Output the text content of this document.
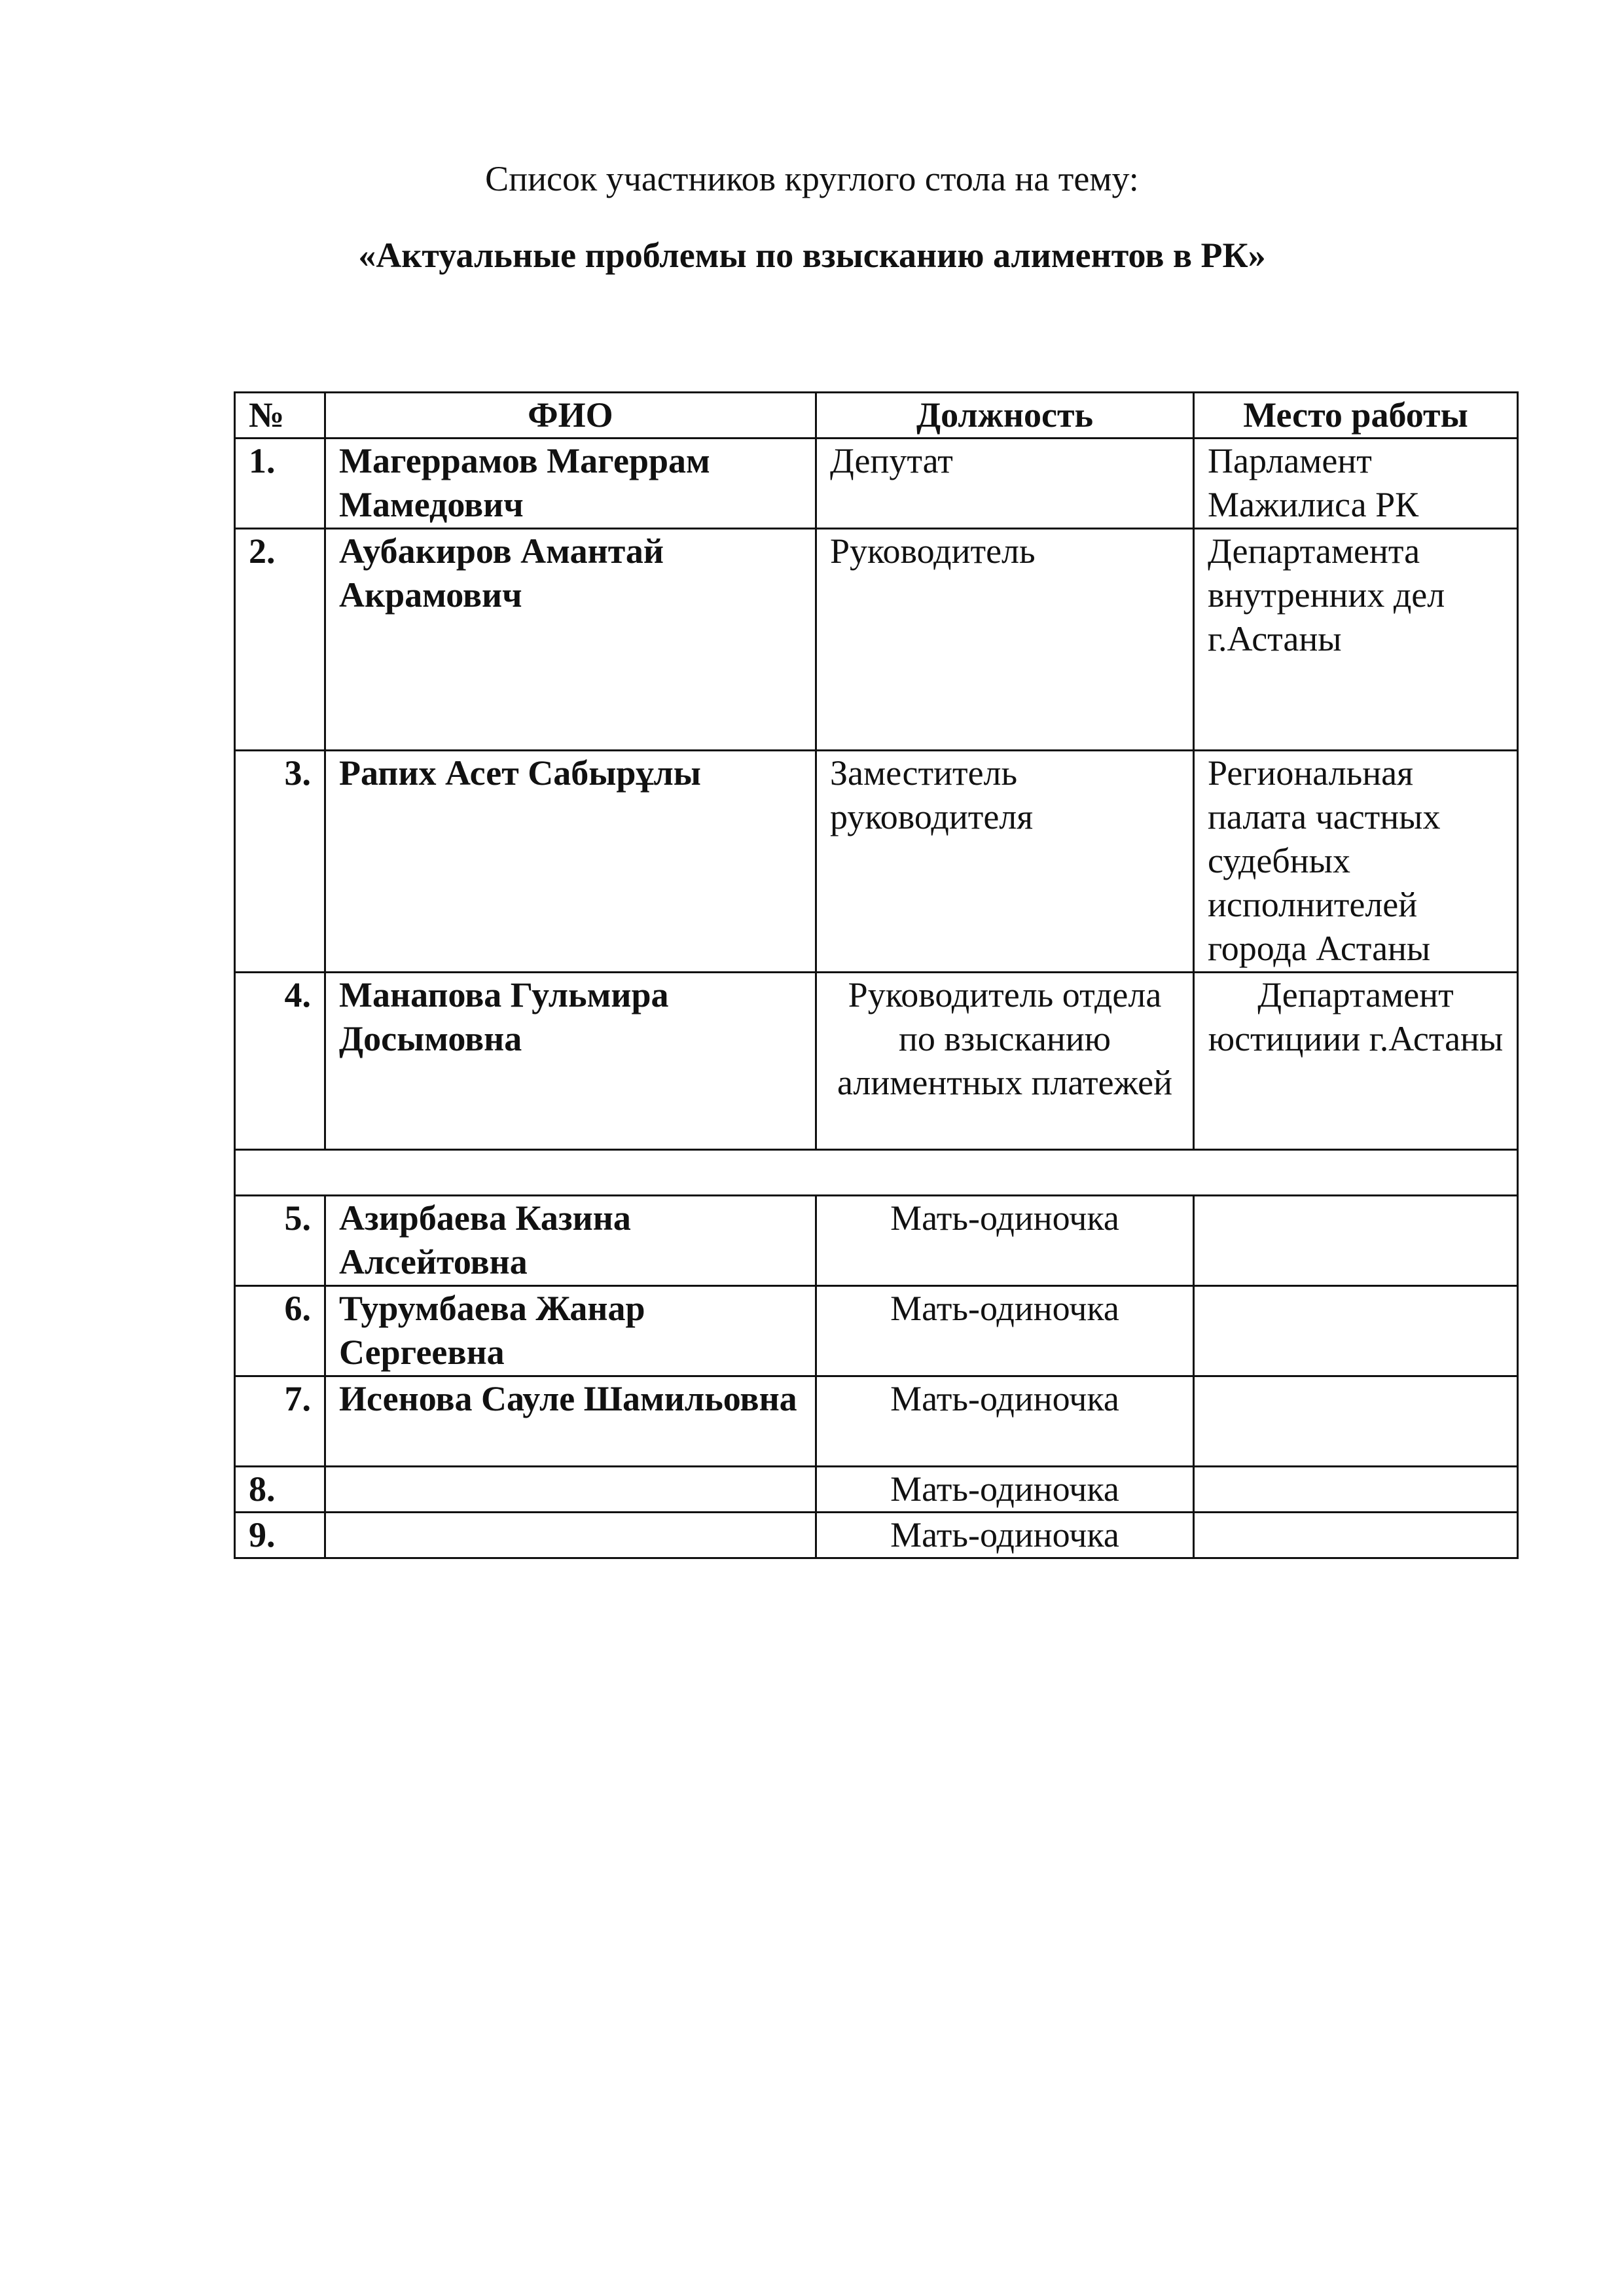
Список участников круглого стола на тему:
«Актуальные проблемы по взысканию алиментов в РК»
№	ФИО	Должность	Место работы
1.	Магеррамов Магеррам Мамедович	Депутат	Парламент Мажилиса РК
2.	Аубакиров Амантай Акрамович	Руководитель	Департамента внутренних дел г.Астаны
3.	Рапих Асет Сабырұлы	Заместитель руководителя	Региональная палата частных судебных исполнителей города Астаны
4.	Манапова Гульмира Досымовна	Руководитель отдела по взысканию алиментных платежей	Департамент юстициии г.Астаны

5.	Азирбаева Казина Алсейтовна	Мать-одиночка	
6.	Турумбаева Жанар Сергеевна	Мать-одиночка	
7.	Исенова Сауле Шамильовна	Мать-одиночка	
8.		Мать-одиночка	
9.		Мать-одиночка	
